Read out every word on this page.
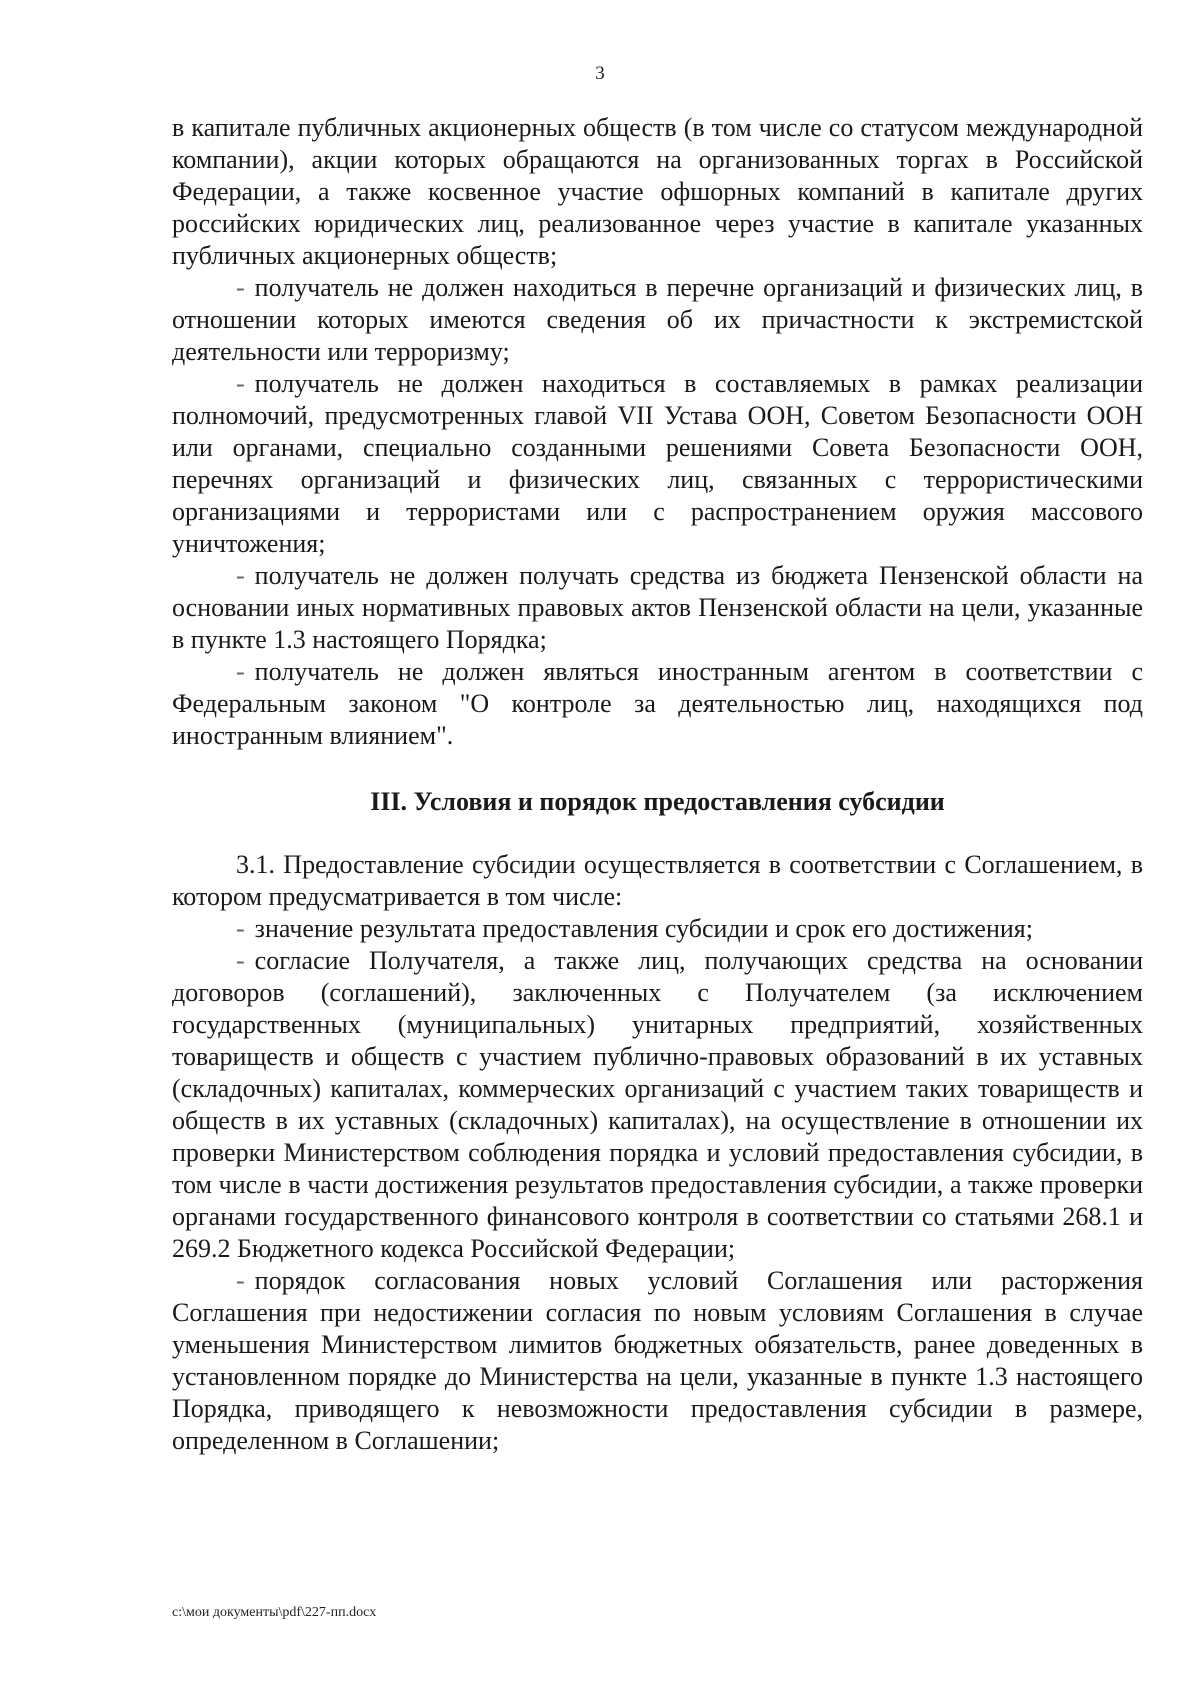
3

в капитале публичных акционерных обществ (в том числе со статусом международной компании), акции которых обращаются на организованных торгах в Российской Федерации, а также косвенное участие офшорных компаний в капитале других российских юридических лиц, реализованное через участие в капитале указанных публичных акционерных обществ;

- получатель не должен находиться в перечне организаций и физических лиц, в отношении которых имеются сведения об их причастности к экстремистской деятельности или терроризму;

- получатель не должен находиться в составляемых в рамках реализации полномочий, предусмотренных главой VII Устава ООН, Советом Безопасности ООН или органами, специально созданными решениями Совета Безопасности ООН, перечнях организаций и физических лиц, связанных с террористическими организациями и террористами или с распространением оружия массового уничтожения;

- получатель не должен получать средства из бюджета Пензенской области на основании иных нормативных правовых актов Пензенской области на цели, указанные в пункте 1.3 настоящего Порядка;

- получатель не должен являться иностранным агентом в соответствии с Федеральным законом "О контроле за деятельностью лиц, находящихся под иностранным влиянием".

III. Условия и порядок предоставления субсидии

3.1. Предоставление субсидии осуществляется в соответствии с Соглашением, в котором предусматривается в том числе:

- значение результата предоставления субсидии и срок его достижения;

- согласие Получателя, а также лиц, получающих средства на основании договоров (соглашений), заключенных с Получателем (за исключением государственных (муниципальных) унитарных предприятий, хозяйственных товариществ и обществ с участием публично-правовых образований в их уставных (складочных) капиталах, коммерческих организаций с участием таких товариществ и обществ в их уставных (складочных) капиталах), на осуществление в отношении их проверки Министерством соблюдения порядка и условий предоставления субсидии, в том числе в части достижения результатов предоставления субсидии, а также проверки органами государственного финансового контроля в соответствии со статьями 268.1 и 269.2 Бюджетного кодекса Российской Федерации;

- порядок согласования новых условий Соглашения или расторжения Соглашения при недостижении согласия по новым условиям Соглашения в случае уменьшения Министерством лимитов бюджетных обязательств, ранее доведенных в установленном порядке до Министерства на цели, указанные в пункте 1.3 настоящего Порядка, приводящего к невозможности предоставления субсидии в размере, определенном в Соглашении;

c:\мои документы\pdf\227-пп.docx
